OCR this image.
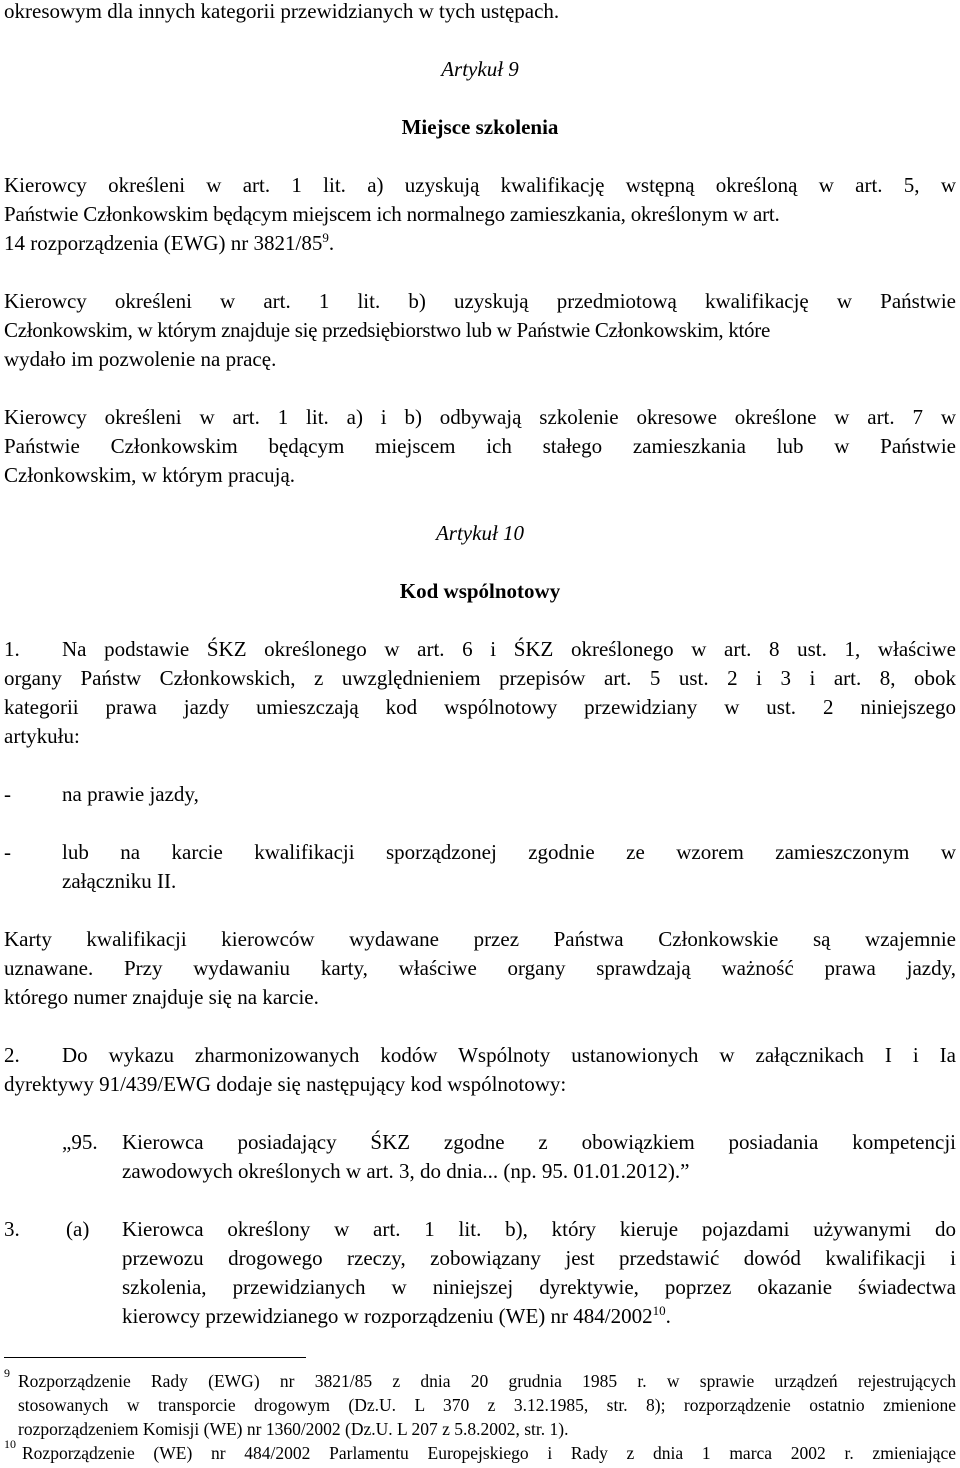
okresowym dla innych kategorii przewidzianych w tych ustępach.
Artykuł 9
Miejsce szkolenia
Kierowcy określeni w art. 1 lit. a) uzyskują kwalifikację wstępną określoną w art. 5, w
Państwie Członkowskim będącym miejscem ich normalnego zamieszkania, określonym w art.
14 rozporządzenia (EWG) nr $3821/85^9$.
Kierowcy określeni w art. 1 lit. b) uzyskują przedmiotową kwalifikację w Państwie
Członkowskim, w którym znajduje się przedsiębiorstwo lub w Państwie Członkowskim, które
wydało im pozwolenie na pracę.
Kierowcy określeni w art. 1 lit. a) i b) odbywają szkolenie okresowe określone w art. 7 w
Państwie Członkowskim będącym miejscem ich stałego zamieszkania lub w Państwie
Członkowskim, w którym pracują.
Artykuł 10
Kod wspólnotowy
1. Na podstawie ŚKZ określonego w art. 6 i ŚKZ określonego w art. 8 ust. 1, właściwe
organy Państw Członkowskich, z uwzględnieniem przepisów art. 5 ust. 2 i 3 i art. 8, obok
kategorii prawa jazdy umieszczają kod wspólnotowy przewidziany w ust. 2 niniejszego
artykułu:
- na prawie jazdy,
- lub na karcie kwalifikacji sporządzonej zgodnie ze wzorem zamieszczonym w
załączniku II.
Karty kwalifikacji kierowców wydawane przez Państwa Członkowskie są wzajemnie
uznawane. Przy wydawaniu karty, właściwe organy sprawdzają ważność prawa jazdy,
którego numer znajduje się na karcie.
2. Do wykazu zharmonizowanych kodów Wspólnoty ustanowionych w załącznikach I i Ia
dyrektywy 91/439/EWG dodaje się następujący kod wspólnotowy:
„95. Kierowca posiadający ŚKZ zgodne z obowiązkiem posiadania kompetencji
zawodowych określonych w art. 3, do dnia... (np. 95. 01.01.2012).”
3. (a) Kierowca określony w art. 1 lit. b), który kieruje pojazdami używanymi do
przewozu drogowego rzeczy, zobowiązany jest przedstawić dowód kwalifikacji i
szkolenia, przewidzianych w niniejszej dyrektywie, poprzez okazanie świadectwa
kierowcy przewidzianego w rozporządzeniu (WE) nr 484/2002$^{10}$.
9 Rozporządzenie Rady (EWG) nr 3821/85 z dnia 20 grudnia 1985 r. w sprawie urządzeń rejestrujących
stosowanych w transporcie drogowym (Dz.U. L 370 z 3.12.1985, str. 8); rozporządzenie ostatnio zmienione
rozporządzeniem Komisji (WE) nr 1360/2002 (Dz.U. L 207 z 5.8.2002, str. 1).
10 Rozporządzenie (WE) nr 484/2002 Parlamentu Europejskiego i Rady z dnia 1 marca 2002 r. zmieniające
